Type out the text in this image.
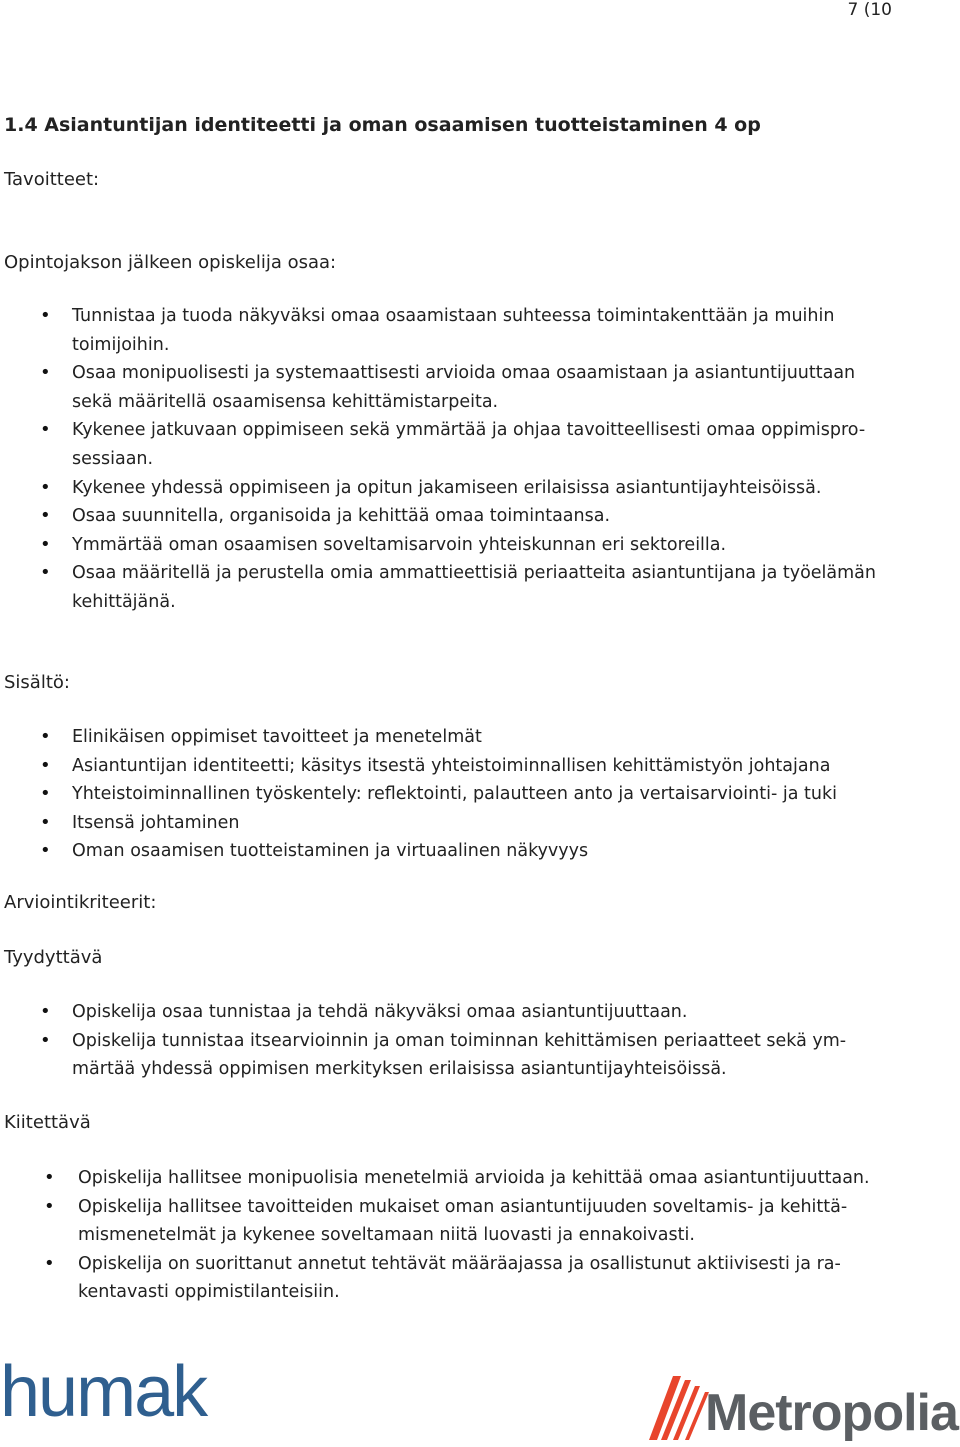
7 (10
1.4 Asiantuntijan identiteetti ja oman osaamisen tuotteistaminen 4 op
Tavoitteet:
Opintojakson jälkeen opiskelija osaa:
• Tunnistaa ja tuoda näkyväksi omaa osaamistaan suhteessa toimintakenttään ja muihin
toimijoihin.
• Osaa monipuolisesti ja systemaattisesti arvioida omaa osaamistaan ja asiantuntijuuttaan
sekä määritellä osaamisensa kehittämistarpeita.
• Kykenee jatkuvaan oppimiseen sekä ymmärtää ja ohjaa tavoitteellisesti omaa oppimispro-
sessiaan.
• Kykenee yhdessä oppimiseen ja opitun jakamiseen erilaisissa asiantuntijayhteisöissä.
• Osaa suunnitella, organisoida ja kehittää omaa toimintaansa.
• Ymmärtää oman osaamisen soveltamisarvoin yhteiskunnan eri sektoreilla.
• Osaa määritellä ja perustella omia ammattieettisiä periaatteita asiantuntijana ja työelämän
kehittäjänä.
Sisältö:
• Elinikäisen oppimiset tavoitteet ja menetelmät
• Asiantuntijan identiteetti; käsitys itsestä yhteistoiminnallisen kehittämistyön johtajana
• Yhteistoiminnallinen työskentely: reflektointi, palautteen anto ja vertaisarviointi- ja tuki
• Itsensä johtaminen
• Oman osaamisen tuotteistaminen ja virtuaalinen näkyvyys
Arviointikriteerit:
Tyydyttävä
• Opiskelija osaa tunnistaa ja tehdä näkyväksi omaa asiantuntijuuttaan.
• Opiskelija tunnistaa itsearvioinnin ja oman toiminnan kehittämisen periaatteet sekä ym-
märtää yhdessä oppimisen merkityksen erilaisissa asiantuntijayhteisöissä.
Kiitettävä
• Opiskelija hallitsee monipuolisia menetelmiä arvioida ja kehittää omaa asiantuntijuuttaan.
• Opiskelija hallitsee tavoitteiden mukaiset oman asiantuntijuuden soveltamis- ja kehittä-
mismenetelmät ja kykenee soveltamaan niitä luovasti ja ennakoivasti.
• Opiskelija on suorittanut annetut tehtävät määräajassa ja osallistunut aktiivisesti ja ra-
kentavasti oppimistilanteisiin.
humak	Metropolia
